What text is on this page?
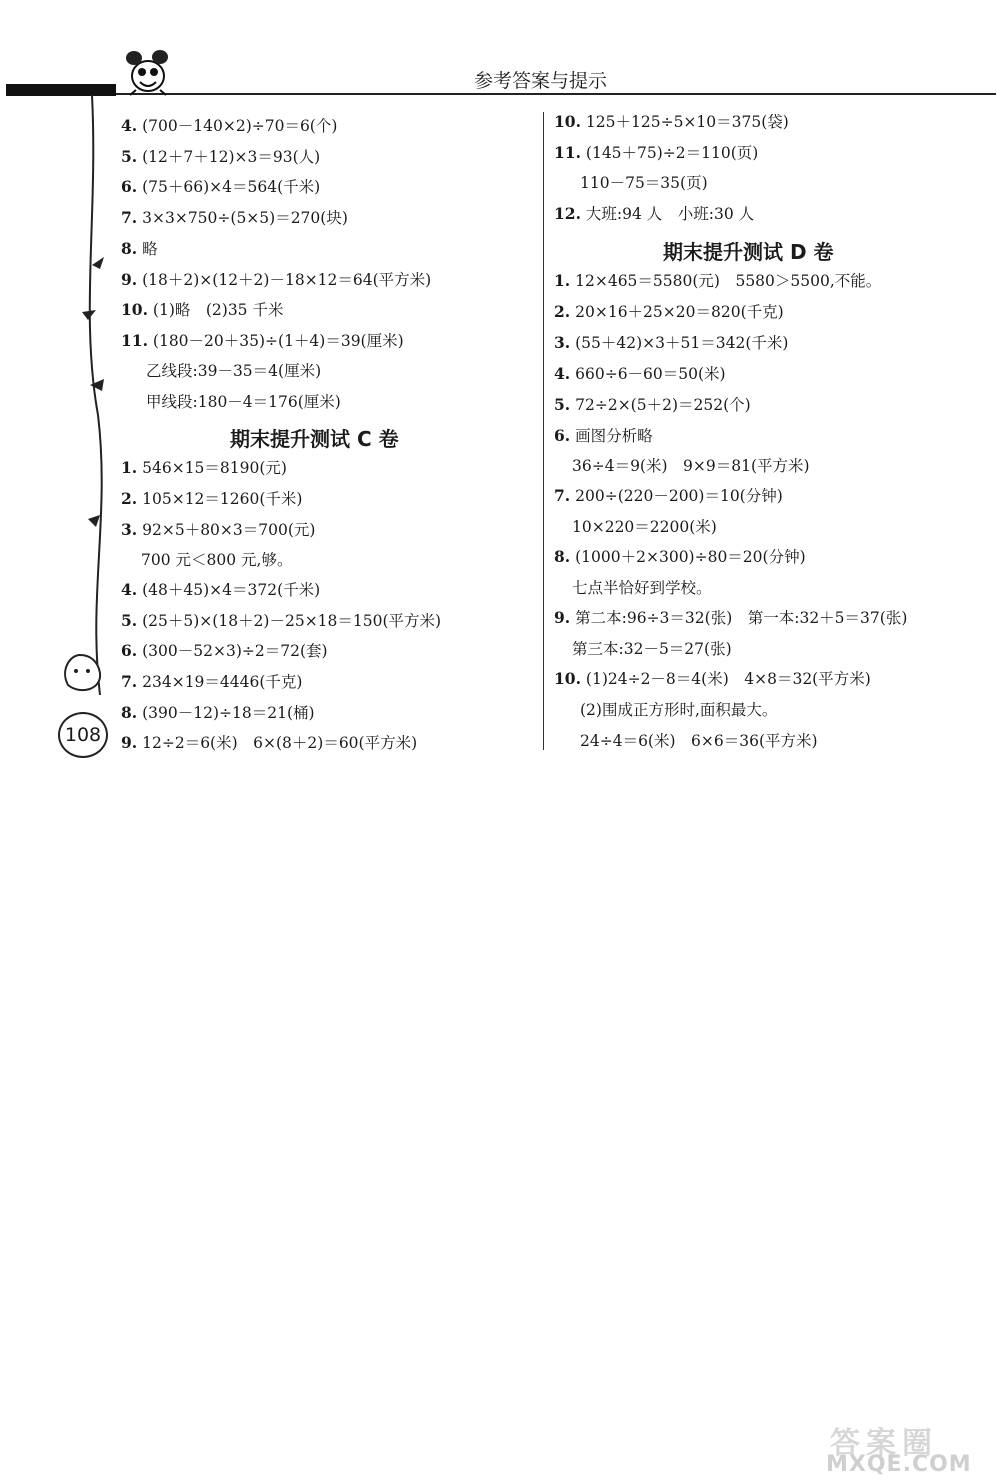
参考答案与提示
108
4. (700－140×2)÷70＝6(个)
5. (12＋7＋12)×3＝93(人)
6. (75＋66)×4＝564(千米)
7. 3×3×750÷(5×5)＝270(块)
8. 略
9. (18＋2)×(12＋2)－18×12＝64(平方米)
10. (1)略　(2)35 千米
11. (180－20＋35)÷(1＋4)＝39(厘米)
乙线段:39－35＝4(厘米)
甲线段:180－4＝176(厘米)
期末提升测试 C 卷
1. 546×15＝8190(元)
2. 105×12＝1260(千米)
3. 92×5＋80×3＝700(元)
700 元＜800 元,够。
4. (48＋45)×4＝372(千米)
5. (25＋5)×(18＋2)－25×18＝150(平方米)
6. (300－52×3)÷2＝72(套)
7. 234×19＝4446(千克)
8. (390－12)÷18＝21(桶)
9. 12÷2＝6(米)　6×(8＋2)＝60(平方米)
10. 125＋125÷5×10＝375(袋)
11. (145＋75)÷2＝110(页)
110－75＝35(页)
12. 大班:94 人　小班:30 人
期末提升测试 D 卷
1. 12×465＝5580(元)　5580＞5500,不能。
2. 20×16＋25×20＝820(千克)
3. (55＋42)×3＋51＝342(千米)
4. 660÷6－60＝50(米)
5. 72÷2×(5＋2)＝252(个)
6. 画图分析略
36÷4＝9(米)　9×9＝81(平方米)
7. 200÷(220－200)＝10(分钟)
10×220＝2200(米)
8. (1000＋2×300)÷80＝20(分钟)
七点半恰好到学校。
9. 第二本:96÷3＝32(张)　第一本:32＋5＝37(张)
第三本:32－5＝27(张)
10. (1)24÷2－8＝4(米)　4×8＝32(平方米)
(2)围成正方形时,面积最大。
24÷4＝6(米)　6×6＝36(平方米)
答案圈
MXQE.COM
